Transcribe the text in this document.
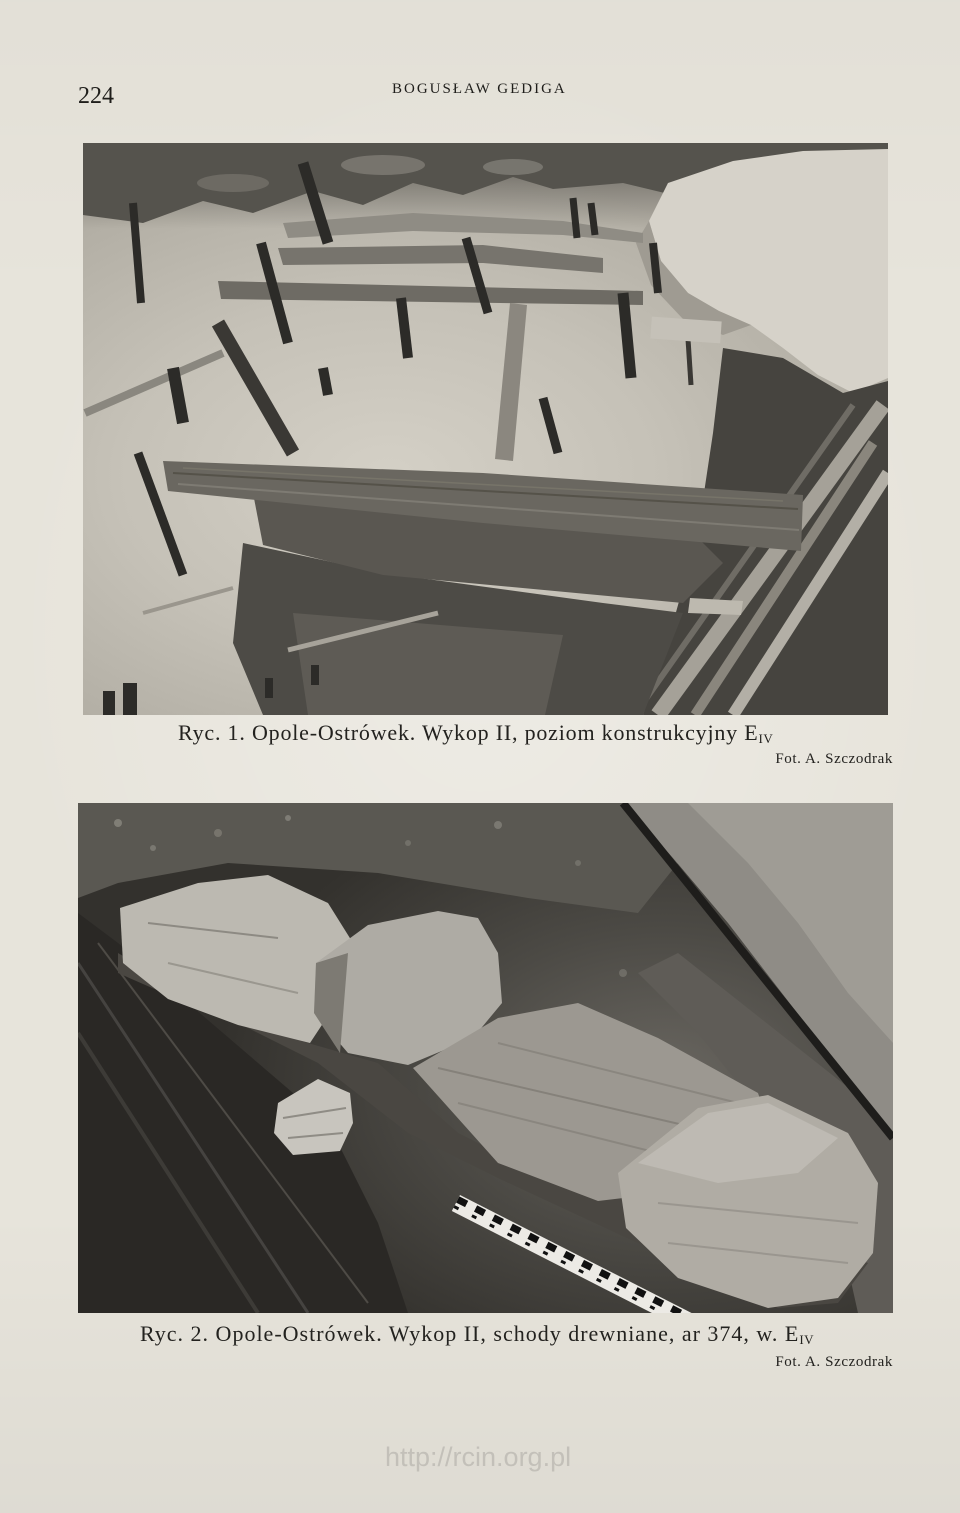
224	BOGUSŁAW GEDIGA
Ryc. 1. Opole-Ostrówek. Wykop II, poziom konstrukcyjny $E_{IV}$
Fot. A. Szczodrak
Ryc. 2. Opole-Ostrówek. Wykop II, schody drewniane, ar 374, w. $E_{IV}$
Fot. A. Szczodrak
http://rcin.org.pl
